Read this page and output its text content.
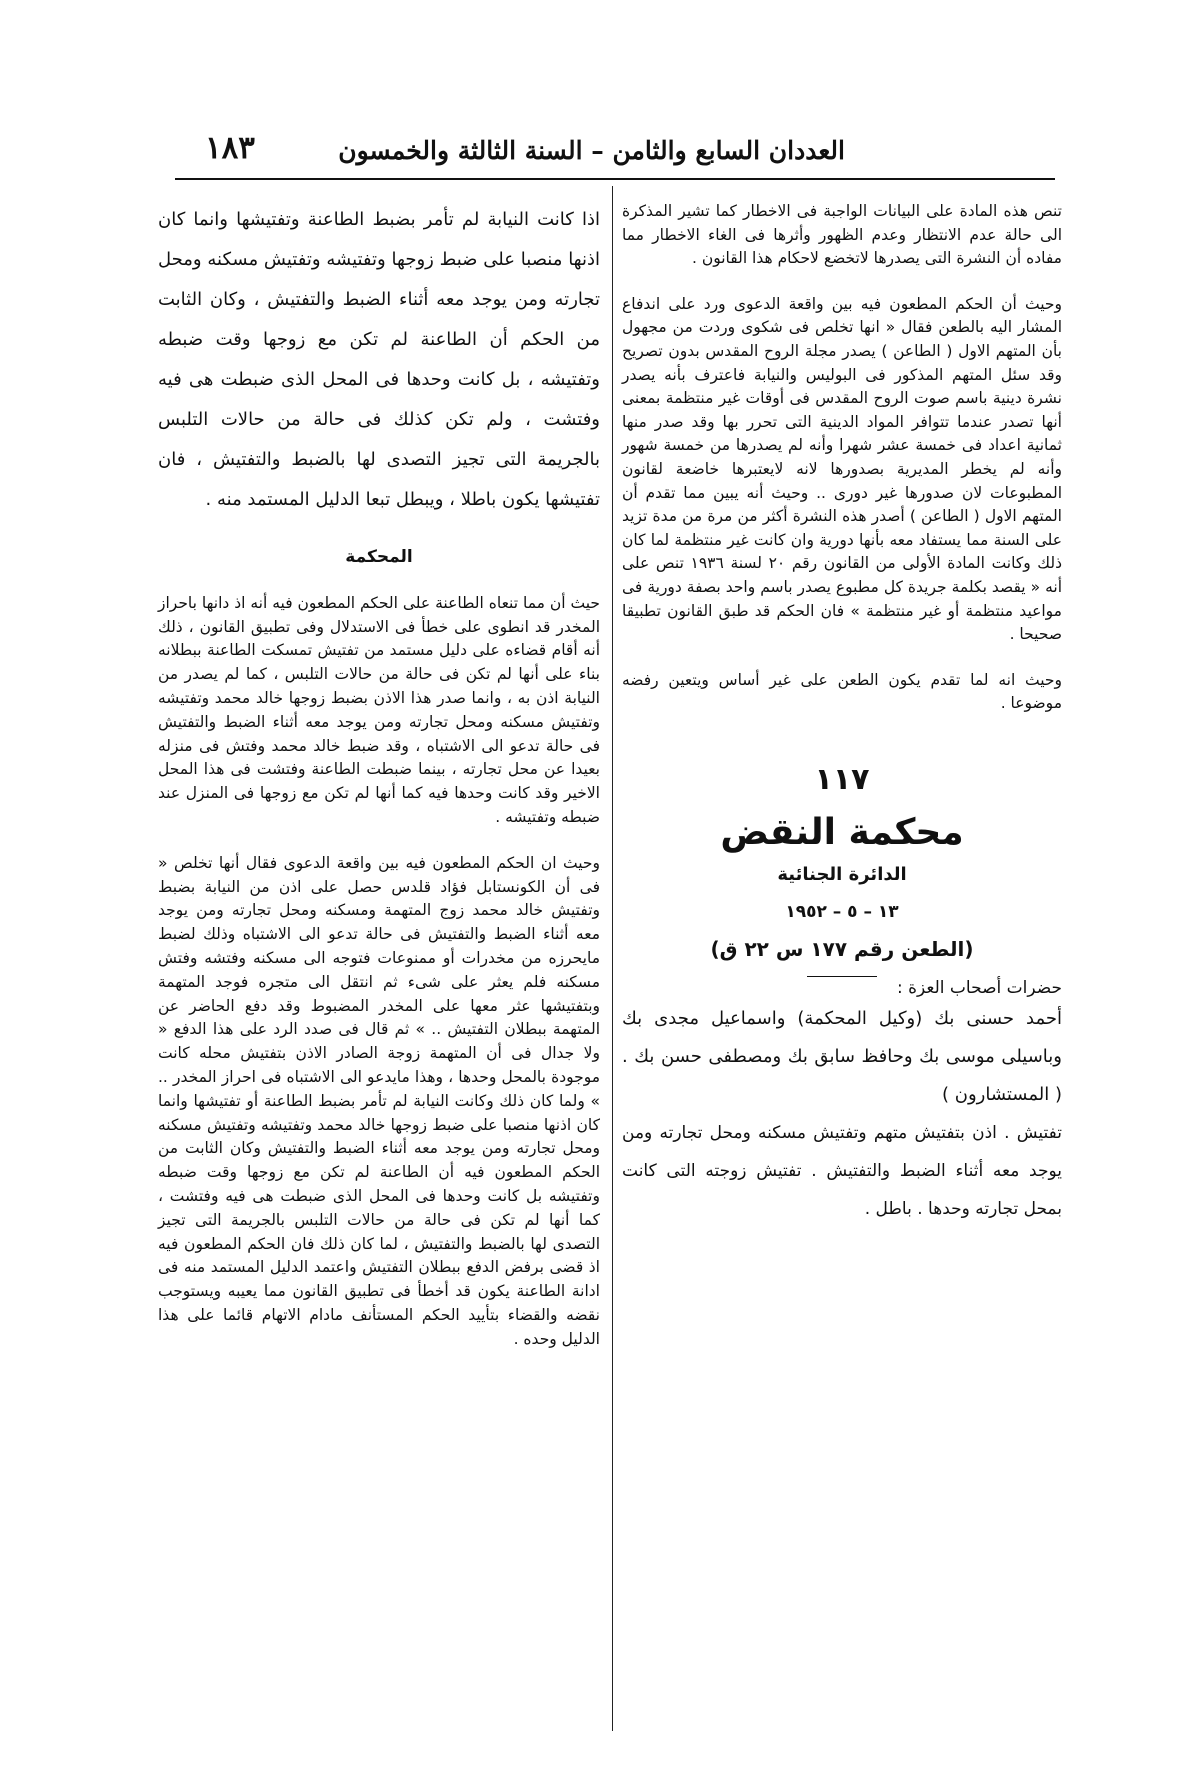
العددان السابع والثامن – السنة الثالثة والخمسون
١٨٣

تنص هذه المادة على البيانات الواجبة فى الاخطار كما تشير المذكرة الى حالة عدم الانتظار وعدم الظهور وأثرها فى الغاء الاخطار مما مفاده أن النشرة التى يصدرها لاتخضع لاحكام هذا القانون .

وحيث أن الحكم المطعون فيه بين واقعة الدعوى ورد على اندفاع المشار اليه بالطعن فقال « انها تخلص فى شكوى وردت من مجهول بأن المتهم الاول ( الطاعن ) يصدر مجلة الروح المقدس بدون تصريح وقد سئل المتهم المذكور فى البوليس والنيابة فاعترف بأنه يصدر نشرة دينية باسم صوت الروح المقدس فى أوقات غير منتظمة بمعنى أنها تصدر عندما تتوافر المواد الدينية التى تحرر بها وقد صدر منها ثمانية اعداد فى خمسة عشر شهرا وأنه لم يصدرها من خمسة شهور وأنه لم يخطر المديرية بصدورها لانه لايعتبرها خاضعة لقانون المطبوعات لان صدورها غير دورى .. وحيث أنه يبين مما تقدم أن المتهم الاول ( الطاعن ) أصدر هذه النشرة أكثر من مرة من مدة تزيد على السنة مما يستفاد معه بأنها دورية وان كانت غير منتظمة لما كان ذلك وكانت المادة الأولى من القانون رقم ٢٠ لسنة ١٩٣٦ تنص على أنه « يقصد بكلمة جريدة كل مطبوع يصدر باسم واحد بصفة دورية فى مواعيد منتظمة أو غير منتظمة » فان الحكم قد طبق القانون تطبيقا صحيحا .

وحيث انه لما تقدم يكون الطعن على غير أساس ويتعين رفضه موضوعا .

١١٧
محكمة النقض
الدائرة الجنائية
١٣ – ٥ – ١٩٥٢
(الطعن رقم ١٧٧ س ٢٢ ق)

حضرات أصحاب العزة :

أحمد حسنى بك (وكيل المحكمة) واسماعيل مجدى بك وباسيلى موسى بك وحافظ سابق بك ومصطفى حسن بك . ( المستشارون )

تفتيش . اذن بتفتيش متهم وتفتيش مسكنه ومحل تجارته ومن يوجد معه أثناء الضبط والتفتيش . تفتيش زوجته التى كانت بمحل تجارته وحدها . باطل .

اذا كانت النيابة لم تأمر بضبط الطاعنة وتفتيشها وانما كان اذنها منصبا على ضبط زوجها وتفتيشه وتفتيش مسكنه ومحل تجارته ومن يوجد معه أثناء الضبط والتفتيش ، وكان الثابت من الحكم أن الطاعنة لم تكن مع زوجها وقت ضبطه وتفتيشه ، بل كانت وحدها فى المحل الذى ضبطت هى فيه وفتشت ، ولم تكن كذلك فى حالة من حالات التلبس بالجريمة التى تجيز التصدى لها بالضبط والتفتيش ، فان تفتيشها يكون باطلا ، ويبطل تبعا الدليل المستمد منه .

المحكمة

حيث أن مما تنعاه الطاعنة على الحكم المطعون فيه أنه اذ دانها باحراز المخدر قد انطوى على خطأ فى الاستدلال وفى تطبيق القانون ، ذلك أنه أقام قضاءه على دليل مستمد من تفتيش تمسكت الطاعنة ببطلانه بناء على أنها لم تكن فى حالة من حالات التلبس ، كما لم يصدر من النيابة اذن به ، وانما صدر هذا الاذن بضبط زوجها خالد محمد وتفتيشه وتفتيش مسكنه ومحل تجارته ومن يوجد معه أثناء الضبط والتفتيش فى حالة تدعو الى الاشتباه ، وقد ضبط خالد محمد وفتش فى منزله بعيدا عن محل تجارته ، بينما ضبطت الطاعنة وفتشت فى هذا المحل الاخير وقد كانت وحدها فيه كما أنها لم تكن مع زوجها فى المنزل عند ضبطه وتفتيشه .

وحيث ان الحكم المطعون فيه بين واقعة الدعوى فقال أنها تخلص « فى أن الكونستابل فؤاد قلدس حصل على اذن من النيابة بضبط وتفتيش خالد محمد زوج المتهمة ومسكنه ومحل تجارته ومن يوجد معه أثناء الضبط والتفتيش فى حالة تدعو الى الاشتباه وذلك لضبط مايحرزه من مخدرات أو ممنوعات فتوجه الى مسكنه وفتشه وفتش مسكنه فلم يعثر على شىء ثم انتقل الى متجره فوجد المتهمة وبتفتيشها عثر معها على المخدر المضبوط وقد دفع الحاضر عن المتهمة ببطلان التفتيش .. » ثم قال فى صدد الرد على هذا الدفع « ولا جدال فى أن المتهمة زوجة الصادر الاذن بتفتيش محله كانت موجودة بالمحل وحدها ، وهذا مايدعو الى الاشتباه فى احراز المخدر .. » ولما كان ذلك وكانت النيابة لم تأمر بضبط الطاعنة أو تفتيشها وانما كان اذنها منصبا على ضبط زوجها خالد محمد وتفتيشه وتفتيش مسكنه ومحل تجارته ومن يوجد معه أثناء الضبط والتفتيش وكان الثابت من الحكم المطعون فيه أن الطاعنة لم تكن مع زوجها وقت ضبطه وتفتيشه بل كانت وحدها فى المحل الذى ضبطت هى فيه وفتشت ، كما أنها لم تكن فى حالة من حالات التلبس بالجريمة التى تجيز التصدى لها بالضبط والتفتيش ، لما كان ذلك فان الحكم المطعون فيه اذ قضى برفض الدفع ببطلان التفتيش واعتمد الدليل المستمد منه فى ادانة الطاعنة يكون قد أخطأ فى تطبيق القانون مما يعيبه ويستوجب نقضه والقضاء بتأييد الحكم المستأنف مادام الاتهام قائما على هذا الدليل وحده .
